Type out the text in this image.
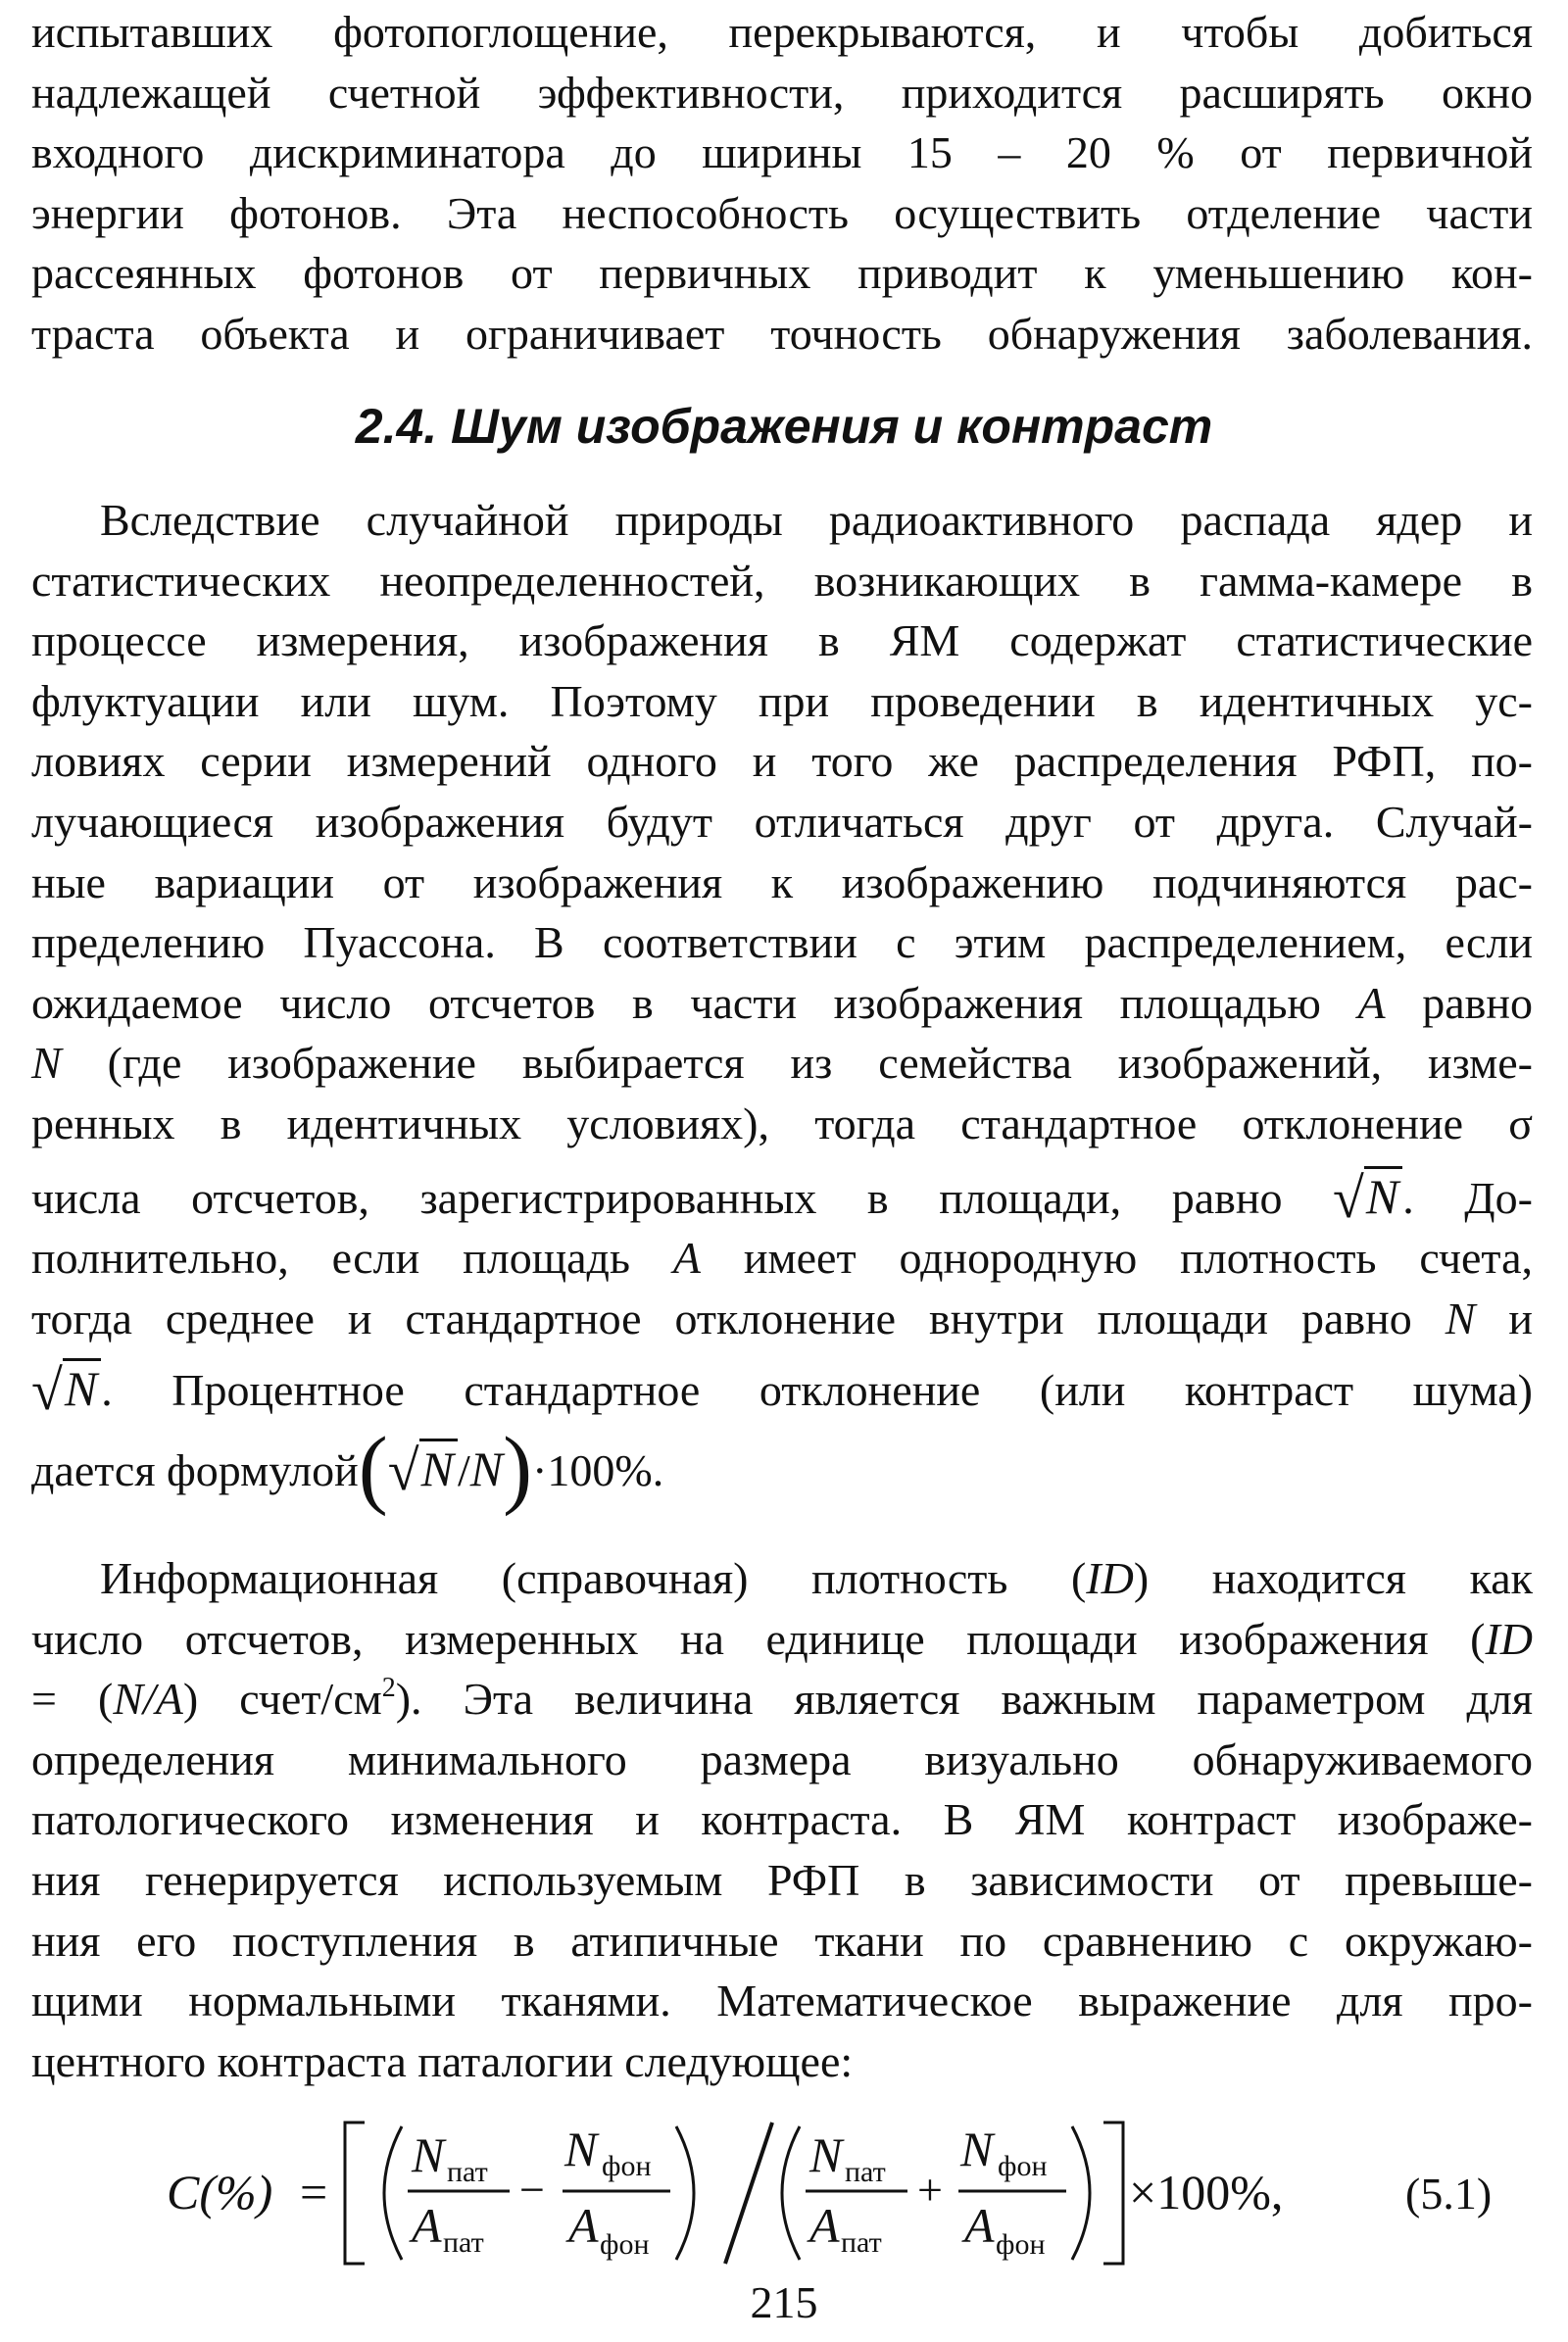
испытавших фотопоглощение, перекрываются, и чтобы добиться

надлежащей счетной эффективности, приходится расширять окно

входного дискриминатора до ширины 15 – 20 % от первичной

энергии фотонов. Эта неспособность осуществить отделение части

рассеянных фотонов от первичных приводит к уменьшению кон-

траста объекта и ограничивает точность обнаружения заболевания.

2.4. Шум изображения и контраст

Вследствие случайной природы радиоактивного распада ядер и

статистических неопределенностей, возникающих в гамма-камере в

процессе измерения, изображения в ЯМ содержат статистические

флуктуации или шум. Поэтому при проведении в идентичных ус-

ловиях серии измерений одного и того же распределения РФП, по-

лучающиеся изображения будут отличаться друг от друга. Случай-

ные вариации от изображения к изображению подчиняются рас-

пределению Пуассона. В соответствии с этим распределением, если

ожидаемое число отсчетов в части изображения площадью A равно

N (где изображение выбирается из семейства изображений, изме-

ренных в идентичных условиях), тогда стандартное отклонение σ

числа отсчетов, зарегистрированных в площади, равно √N. До-

полнительно, если площадь A имеет однородную плотность счета,

тогда среднее и стандартное отклонение внутри площади равно N и

√N. Процентное стандартное отклонение (или контраст шума)

дается формулой(√N/N)·100%.

Информационная (справочная) плотность (ID) находится как

число отсчетов, измеренных на единице площади изображения (ID

= (N/A) счет/$см^2$). Эта величина является важным параметром для

определения минимального размера визуально обнаруживаемого

патологического изменения и контраста. В ЯМ контраст изображе-

ния генерируется используемым РФП в зависимости от превыше-

ния его поступления в атипичные ткани по сравнению с окружаю-

щими нормальными тканями. Математическое выражение для про-

центного контраста паталогии следующее:

C(%) =
N пат
A пат
−
N фон
A фон
N пат
A пат
+
N фон
A фон
×100%,	(5.1)
215
